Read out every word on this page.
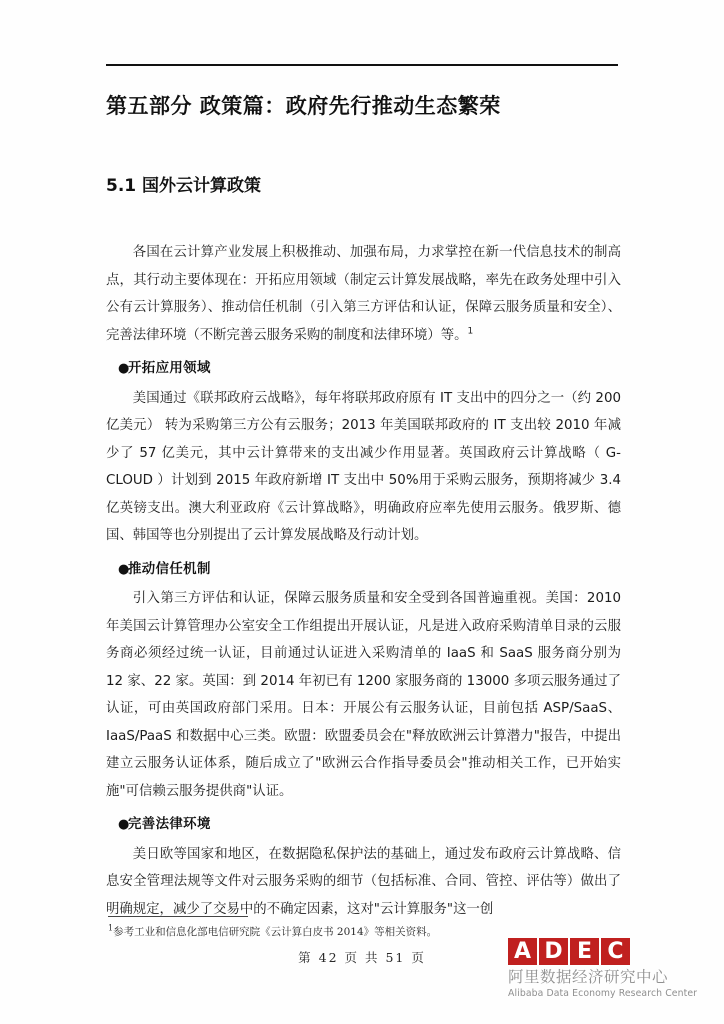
第五部分 政策篇：政府先行推动生态繁荣
5.1 国外云计算政策

各国在云计算产业发展上积极推动、加强布局，力求掌控在新一代信息技术的制高点，其行动主要体现在：开拓应用领域（制定云计算发展战略，率先在政务处理中引入公有云计算服务）、推动信任机制（引入第三方评估和认证，保障云服务质量和安全）、完善法律环境（不断完善云服务采购的制度和法律环境）等。$^1$

●
开拓应用领域

美国通过《联邦政府云战略》，每年将联邦政府原有 IT 支出中的四分之一（约 200 亿美元） 转为采购第三方公有云服务；2013 年美国联邦政府的 IT 支出较 2010 年减少了 57 亿美元，其中云计算带来的支出减少作用显著。英国政府云计算战略（ G-CLOUD ）计划到 2015 年政府新增 IT 支出中 50%用于采购云服务，预期将减少 3.4 亿英镑支出。澳大利亚政府《云计算战略》，明确政府应率先使用云服务。俄罗斯、德国、韩国等也分别提出了云计算发展战略及行动计划。

●
推动信任机制

引入第三方评估和认证，保障云服务质量和安全受到各国普遍重视。美国：2010 年美国云计算管理办公室安全工作组提出开展认证，凡是进入政府采购清单目录的云服务商必须经过统一认证，目前通过认证进入采购清单的 IaaS 和 SaaS 服务商分别为 12 家、22 家。英国：到 2014 年初已有 1200 家服务商的 13000 多项云服务通过了认证，可由英国政府部门采用。日本：开展公有云服务认证，目前包括 ASP/SaaS、IaaS/PaaS 和数据中心三类。欧盟：欧盟委员会在"释放欧洲云计算潜力"报告，中提出建立云服务认证体系，随后成立了"欧洲云合作指导委员会"推动相关工作，已开始实施"可信赖云服务提供商"认证。

●
完善法律环境

美日欧等国家和地区，在数据隐私保护法的基础上，通过发布政府云计算战略、信息安全管理法规等文件对云服务采购的细节（包括标准、合同、管控、评估等）做出了明确规定，减少了交易中的不确定因素，这对"云计算服务"这一创

$^1$参考工业和信息化部电信研究院《云计算白皮书 2014》等相关资料。
第 42 页 共 51 页	A D E C
阿里数据经济研究中心
Alibaba Data Economy Research Center
